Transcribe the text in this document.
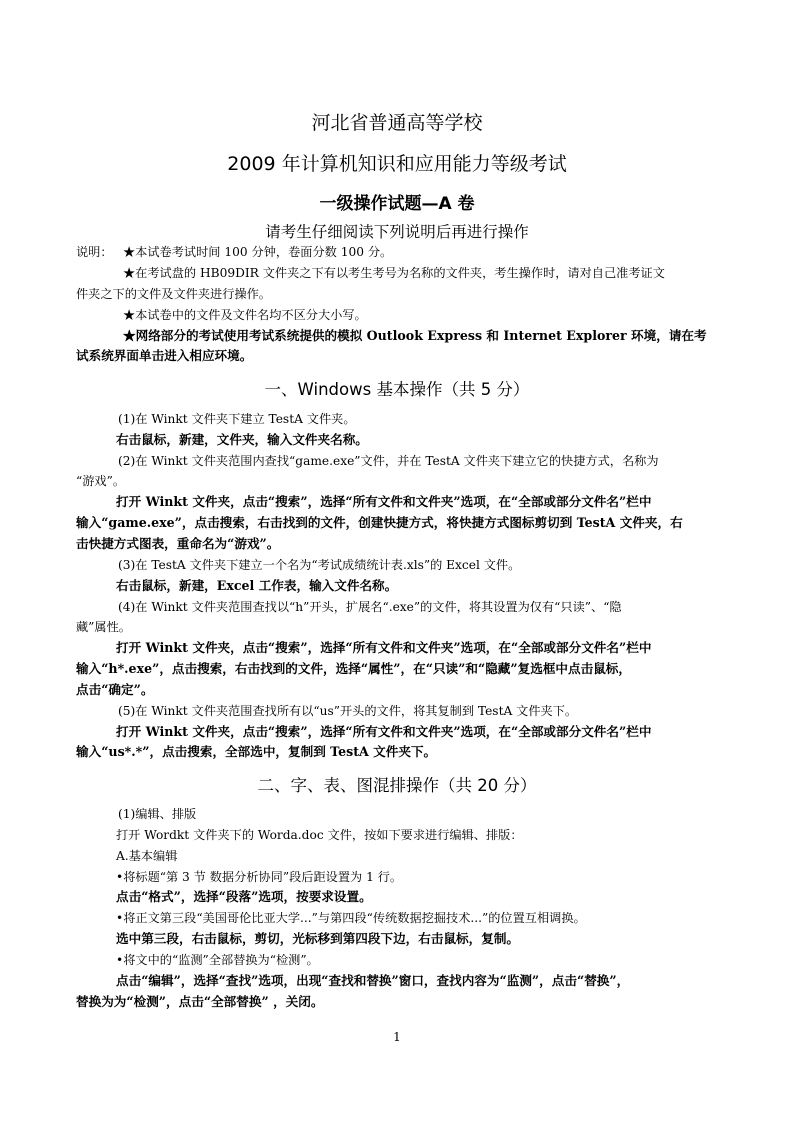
河北省普通高等学校
2009 年计算机知识和应用能力等级考试
一级操作试题—A 卷
请考生仔细阅读下列说明后再进行操作
说明： ★本试卷考试时间 100 分钟，卷面分数 100 分。
★在考试盘的 HB09DIR 文件夹之下有以考生考号为名称的文件夹，考生操作时，请对自己准考证文
件夹之下的文件及文件夹进行操作。
★本试卷中的文件及文件名均不区分大小写。
★网络部分的考试使用考试系统提供的模拟 Outlook Express 和 Internet Explorer 环境，请在考
试系统界面单击进入相应环境。
一、Windows 基本操作（共 5 分）
(1)在 Winkt 文件夹下建立 TestA 文件夹。
右击鼠标，新建，文件夹，输入文件夹名称。
(2)在 Winkt 文件夹范围内查找“game.exe”文件，并在 TestA 文件夹下建立它的快捷方式，名称为
“游戏”。
打开 Winkt 文件夹，点击“搜索”，选择“所有文件和文件夹”选项，在“全部或部分文件名”栏中
输入“game.exe”，点击搜索，右击找到的文件，创建快捷方式，将快捷方式图标剪切到 TestA 文件夹，右
击快捷方式图表，重命名为“游戏”。
(3)在 TestA 文件夹下建立一个名为“考试成绩统计表.xls”的 Excel 文件。
右击鼠标，新建，Excel 工作表，输入文件名称。
(4)在 Winkt 文件夹范围查找以“h”开头，扩展名“.exe”的文件，将其设置为仅有“只读”、“隐
藏”属性。
打开 Winkt 文件夹，点击“搜索”，选择“所有文件和文件夹”选项，在“全部或部分文件名”栏中
输入“h*.exe”，点击搜索，右击找到的文件，选择“属性”，在“只读”和“隐藏”复选框中点击鼠标，
点击“确定”。
(5)在 Winkt 文件夹范围查找所有以“us”开头的文件，将其复制到 TestA 文件夹下。
打开 Winkt 文件夹，点击“搜索”，选择“所有文件和文件夹”选项，在“全部或部分文件名”栏中
输入“us*.*”，点击搜索，全部选中，复制到 TestA 文件夹下。
二、字、表、图混排操作（共 20 分）
(1)编辑、排版
打开 Wordkt 文件夹下的 Worda.doc 文件，按如下要求进行编辑、排版：
A.基本编辑
•将标题“第 3 节 数据分析协同”段后距设置为 1 行。
点击“格式”，选择“段落”选项，按要求设置。
•将正文第三段“美国哥伦比亚大学...”与第四段“传统数据挖掘技术...”的位置互相调换。
选中第三段，右击鼠标，剪切，光标移到第四段下边，右击鼠标，复制。
•将文中的“监测”全部替换为“检测”。
点击“编辑”，选择“查找”选项，出现“查找和替换”窗口，查找内容为“监测”，点击“替换”，
替换为为“检测”，点击“全部替换” ，关闭。
1
